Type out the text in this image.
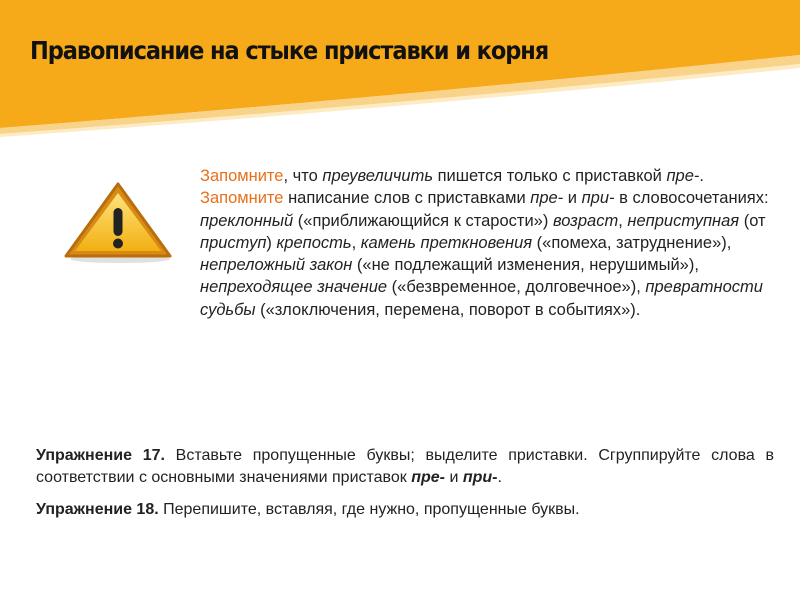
Правописание на стыке приставки и корня

Запомните, что преувеличить пишется только с приставкой пре-.

Запомните написание слов с приставками пре- и при- в словосочетаниях: преклонный («приближающийся к старости») возраст, неприступная (от приступ) крепость, камень преткновения («помеха, затруднение»), непреложный закон («не подлежащий изменения, нерушимый»), непреходящее значение («безвременное, долговечное»), превратности судьбы («злоключения, перемена, поворот в событиях»).

Упражнение 17. Вставьте пропущенные буквы; выделите приставки. Сгруппируйте слова в соответствии с основными значениями приставок пре- и при-.

Упражнение 18. Перепишите, вставляя, где нужно, пропущенные буквы.
